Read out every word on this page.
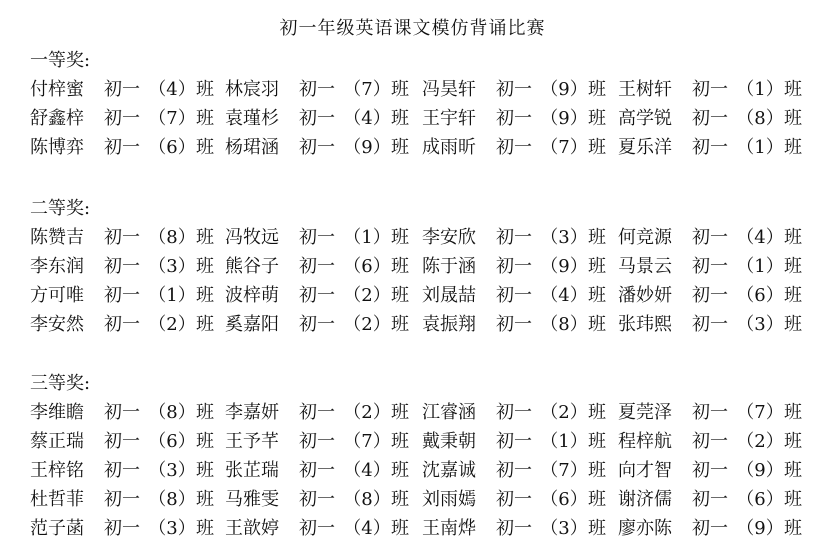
初一年级英语课文模仿背诵比赛
一等奖:
付梓蜜 初一 （4）班 林宸羽 初一 （7）班 冯昊轩 初一 （9）班 王树轩 初一 （1）班
舒鑫梓 初一 （7）班 袁瑾杉 初一 （4）班 王宇轩 初一 （9）班 高学锐 初一 （8）班
陈博弈 初一 （6）班 杨珺涵 初一 （9）班 成雨昕 初一 （7）班 夏乐洋 初一 （1）班
二等奖:
陈赞吉 初一 （8）班 冯牧远 初一 （1）班 李安欣 初一 （3）班 何竞源 初一 （4）班
李东润 初一 （3）班 熊谷子 初一 （6）班 陈于涵 初一 （9）班 马景云 初一 （1）班
方可唯 初一 （1）班 波梓萌 初一 （2）班 刘晟喆 初一 （4）班 潘妙妍 初一 （6）班
李安然 初一 （2）班 奚嘉阳 初一 （2）班 袁振翔 初一 （8）班 张玮熙 初一 （3）班
三等奖:
李维瞻 初一 （8）班 李嘉妍 初一 （2）班 江睿涵 初一 （2）班 夏莞泽 初一 （7）班
蔡正瑞 初一 （6）班 王予芊 初一 （7）班 戴秉朝 初一 （1）班 程梓航 初一 （2）班
王梓铭 初一 （3）班 张芷瑞 初一 （4）班 沈嘉诚 初一 （7）班 向才智 初一 （9）班
杜哲菲 初一 （8）班 马雅雯 初一 （8）班 刘雨嫣 初一 （6）班 谢济儒 初一 （6）班
范子菡 初一 （3）班 王歆婷 初一 （4）班 王南烨 初一 （3）班 廖亦陈 初一 （9）班
